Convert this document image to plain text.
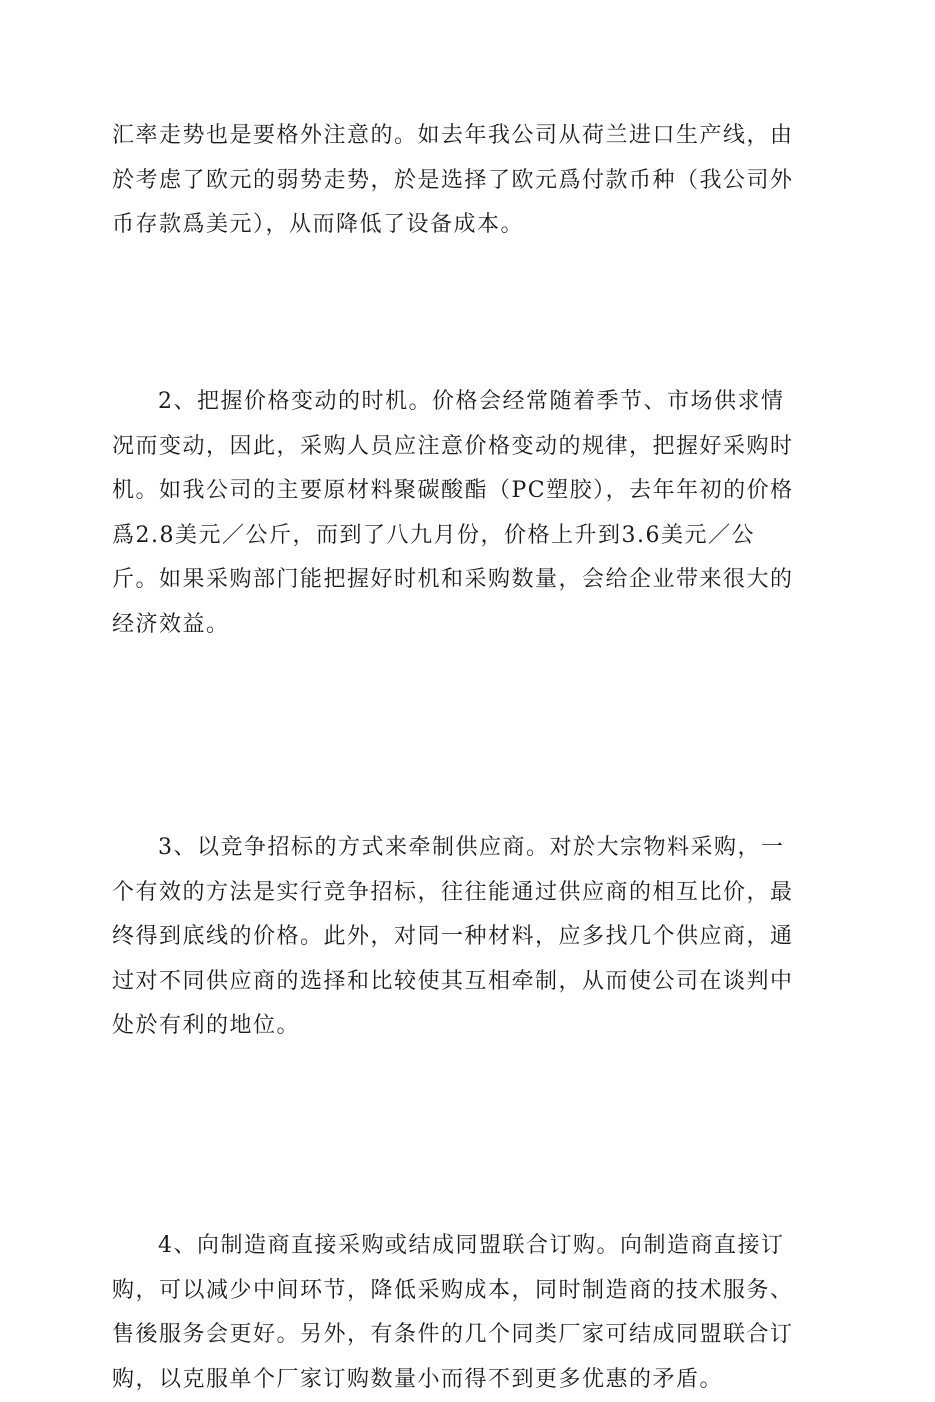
汇率走势也是要格外注意的。如去年我公司从荷兰进口生产线，由
於考虑了欧元的弱势走势，於是选择了欧元爲付款币种（我公司外
币存款爲美元），从而降低了设备成本。
2、把握价格变动的时机。价格会经常随着季节、市场供求情
况而变动，因此，采购人员应注意价格变动的规律，把握好采购时
机。如我公司的主要原材料聚碳酸酯（PC塑胶），去年年初的价格
爲2.8美元／公斤，而到了八九月份，价格上升到3.6美元／公
斤。如果采购部门能把握好时机和采购数量，会给企业带来很大的
经济效益。
3、以竞争招标的方式来牵制供应商。对於大宗物料采购，一
个有效的方法是实行竞争招标，往往能通过供应商的相互比价，最
终得到底线的价格。此外，对同一种材料，应多找几个供应商，通
过对不同供应商的选择和比较使其互相牵制，从而使公司在谈判中
处於有利的地位。
4、向制造商直接采购或结成同盟联合订购。向制造商直接订
购，可以减少中间环节，降低采购成本，同时制造商的技术服务、
售後服务会更好。另外，有条件的几个同类厂家可结成同盟联合订
购，以克服单个厂家订购数量小而得不到更多优惠的矛盾。
